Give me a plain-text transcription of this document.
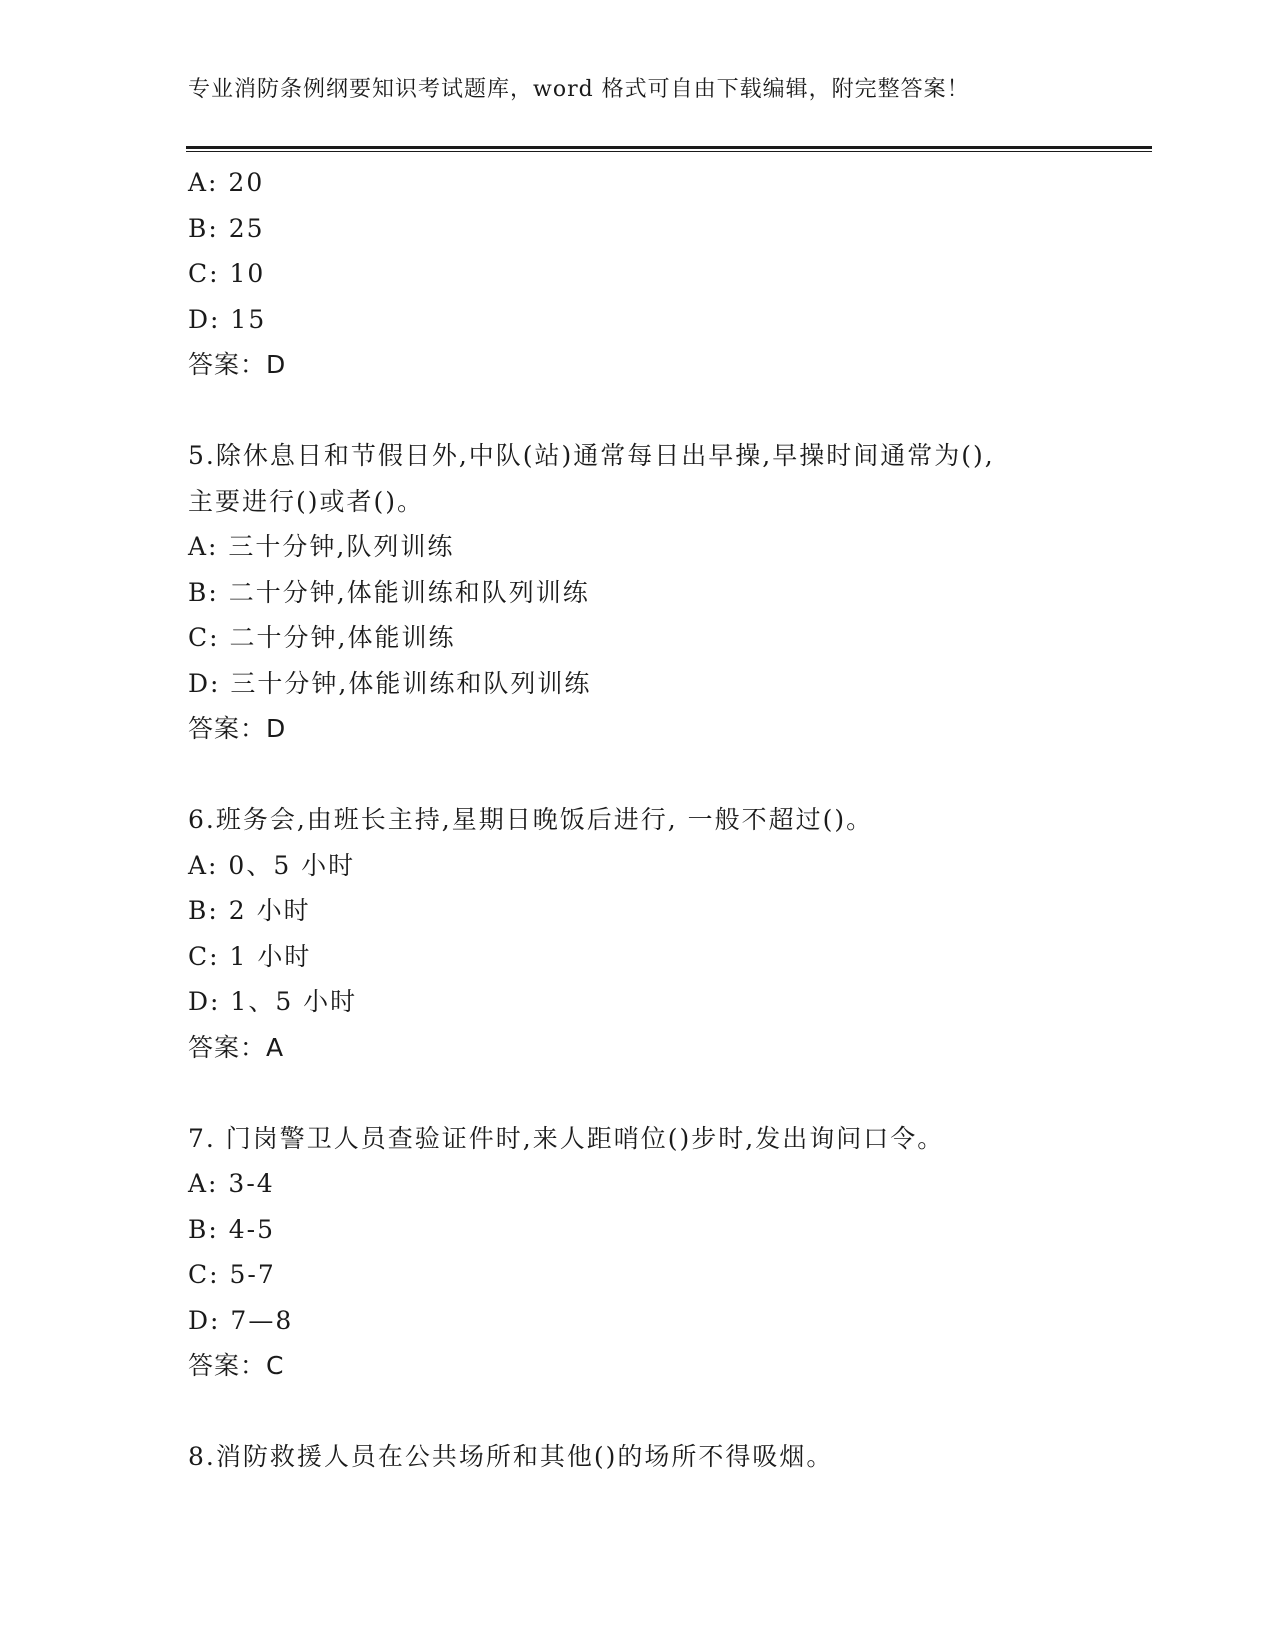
专业消防条例纲要知识考试题库，word 格式可自由下载编辑，附完整答案！
A: 20
B: 25
C: 10
D: 15
答案：D
5.除休息日和节假日外,中队(站)通常每日出早操,早操时间通常为(),
主要进行()或者()。
A: 三十分钟,队列训练
B: 二十分钟,体能训练和队列训练
C: 二十分钟,体能训练
D: 三十分钟,体能训练和队列训练
答案：D
6.班务会,由班长主持,星期日晚饭后进行, 一般不超过()。
A: 0、5 小时
B: 2 小时
C: 1 小时
D: 1、5 小时
答案：A
7. 门岗警卫人员查验证件时,来人距哨位()步时,发出询问口令。
A: 3-4
B: 4-5
C: 5-7
D: 7—8
答案：C
8.消防救援人员在公共场所和其他()的场所不得吸烟。
